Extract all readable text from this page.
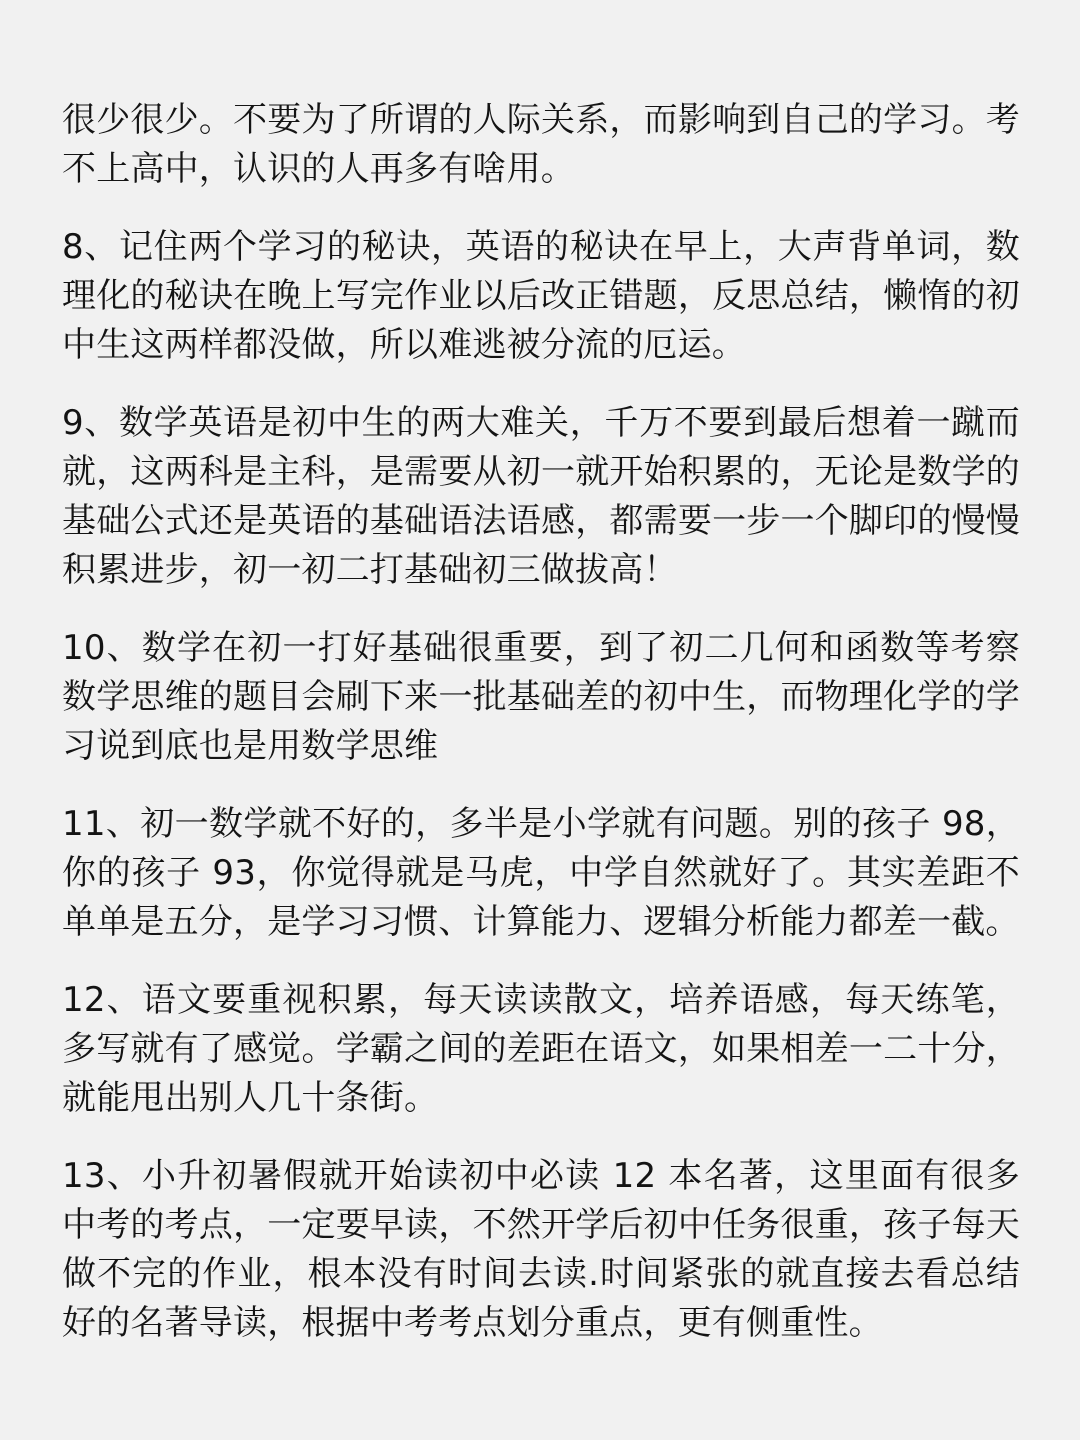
很少很少。不要为了所谓的人际关系，而影响到自己的学习。考不上高中，认识的人再多有啥用。

8、记住两个学习的秘诀，英语的秘诀在早上，大声背单词，数理化的秘诀在晚上写完作业以后改正错题，反思总结，懒惰的初中生这两样都没做，所以难逃被分流的厄运。

9、数学英语是初中生的两大难关，千万不要到最后想着一蹴而就，这两科是主科，是需要从初一就开始积累的，无论是数学的基础公式还是英语的基础语法语感，都需要一步一个脚印的慢慢积累进步，初一初二打基础初三做拔高！

10、数学在初一打好基础很重要，到了初二几何和函数等考察数学思维的题目会刷下来一批基础差的初中生，而物理化学的学习说到底也是用数学思维

11、初一数学就不好的，多半是小学就有问题。别的孩子 98，你的孩子 93，你觉得就是马虎，中学自然就好了。其实差距不单单是五分，是学习习惯、计算能力、逻辑分析能力都差一截。

12、语文要重视积累，每天读读散文，培养语感，每天练笔，多写就有了感觉。学霸之间的差距在语文，如果相差一二十分，就能甩出别人几十条街。

13、小升初暑假就开始读初中必读 12 本名著，这里面有很多中考的考点，一定要早读，不然开学后初中任务很重，孩子每天做不完的作业，根本没有时间去读.时间紧张的就直接去看总结好的名著导读，根据中考考点划分重点，更有侧重性。
